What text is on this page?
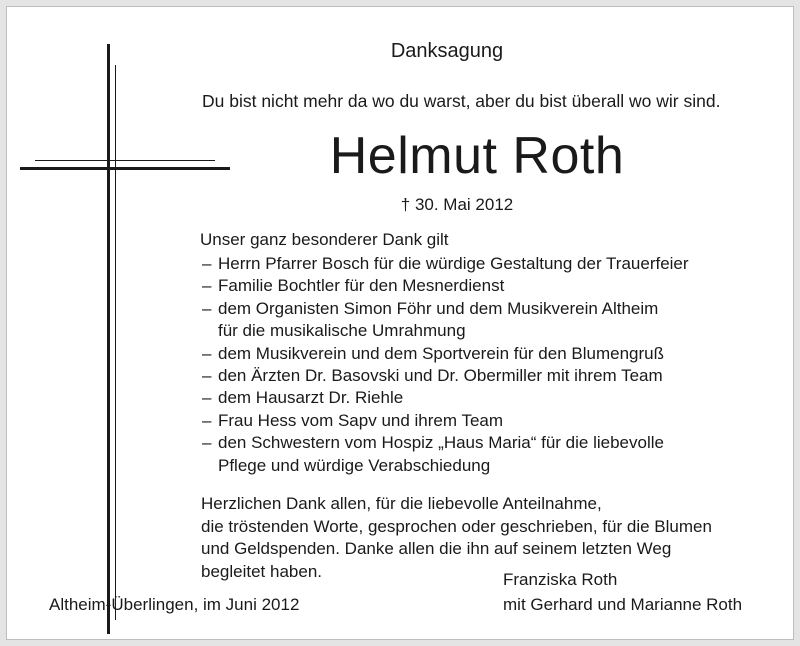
Danksagung
Du bist nicht mehr da wo du warst, aber du bist überall wo wir sind.
Helmut Roth
† 30. Mai 2012
Unser ganz besonderer Dank gilt
– Herrn Pfarrer Bosch für die würdige Gestaltung der Trauerfeier
– Familie Bochtler für den Mesnerdienst
– dem Organisten Simon Föhr und dem Musikverein Altheim
für die musikalische Umrahmung
– dem Musikverein und dem Sportverein für den Blumengruß
– den Ärzten Dr. Basovski und Dr. Obermiller mit ihrem Team
– dem Hausarzt Dr. Riehle
– Frau Hess vom Sapv und ihrem Team
– den Schwestern vom Hospiz „Haus Maria“ für die liebevolle
Pflege und würdige Verabschiedung
Herzlichen Dank allen, für die liebevolle Anteilnahme,
die tröstenden Worte, gesprochen oder geschrieben, für die Blumen
und Geldspenden. Danke allen die ihn auf seinem letzten Weg
begleitet haben.
Altheim-Überlingen, im Juni 2012
Franziska Roth
mit Gerhard und Marianne Roth
